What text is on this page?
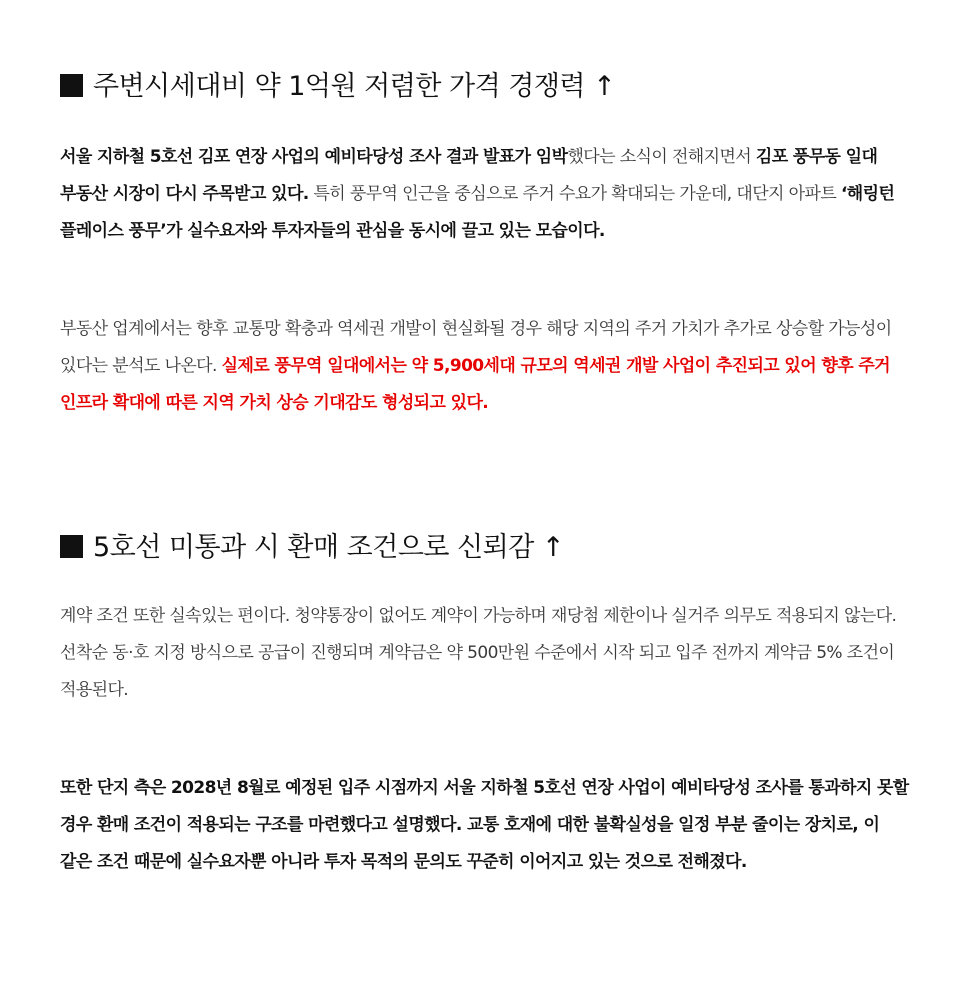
주변시세대비 약 1억원 저렴한 가격 경쟁력 ↑

서울 지하철 5호선 김포 연장 사업의 예비타당성 조사 결과 발표가 임박했다는 소식이 전해지면서 김포 풍무동 일대 부동산 시장이 다시 주목받고 있다. 특히 풍무역 인근을 중심으로 주거 수요가 확대되는 가운데, 대단지 아파트 ‘해링턴 플레이스 풍무’가 실수요자와 투자자들의 관심을 동시에 끌고 있는 모습이다.

부동산 업계에서는 향후 교통망 확충과 역세권 개발이 현실화될 경우 해당 지역의 주거 가치가 추가로 상승할 가능성이 있다는 분석도 나온다. 실제로 풍무역 일대에서는 약 5,900세대 규모의 역세권 개발 사업이 추진되고 있어 향후 주거 인프라 확대에 따른 지역 가치 상승 기대감도 형성되고 있다.

5호선 미통과 시 환매 조건으로 신뢰감 ↑

계약 조건 또한 실속있는 편이다. 청약통장이 없어도 계약이 가능하며 재당첨 제한이나 실거주 의무도 적용되지 않는다. 선착순 동·호 지정 방식으로 공급이 진행되며 계약금은 약 500만원 수준에서 시작 되고 입주 전까지 계약금 5% 조건이 적용된다.

또한 단지 측은 2028년 8월로 예정된 입주 시점까지 서울 지하철 5호선 연장 사업이 예비타당성 조사를 통과하지 못할 경우 환매 조건이 적용되는 구조를 마련했다고 설명했다. 교통 호재에 대한 불확실성을 일정 부분 줄이는 장치로, 이 같은 조건 때문에 실수요자뿐 아니라 투자 목적의 문의도 꾸준히 이어지고 있는 것으로 전해졌다.
